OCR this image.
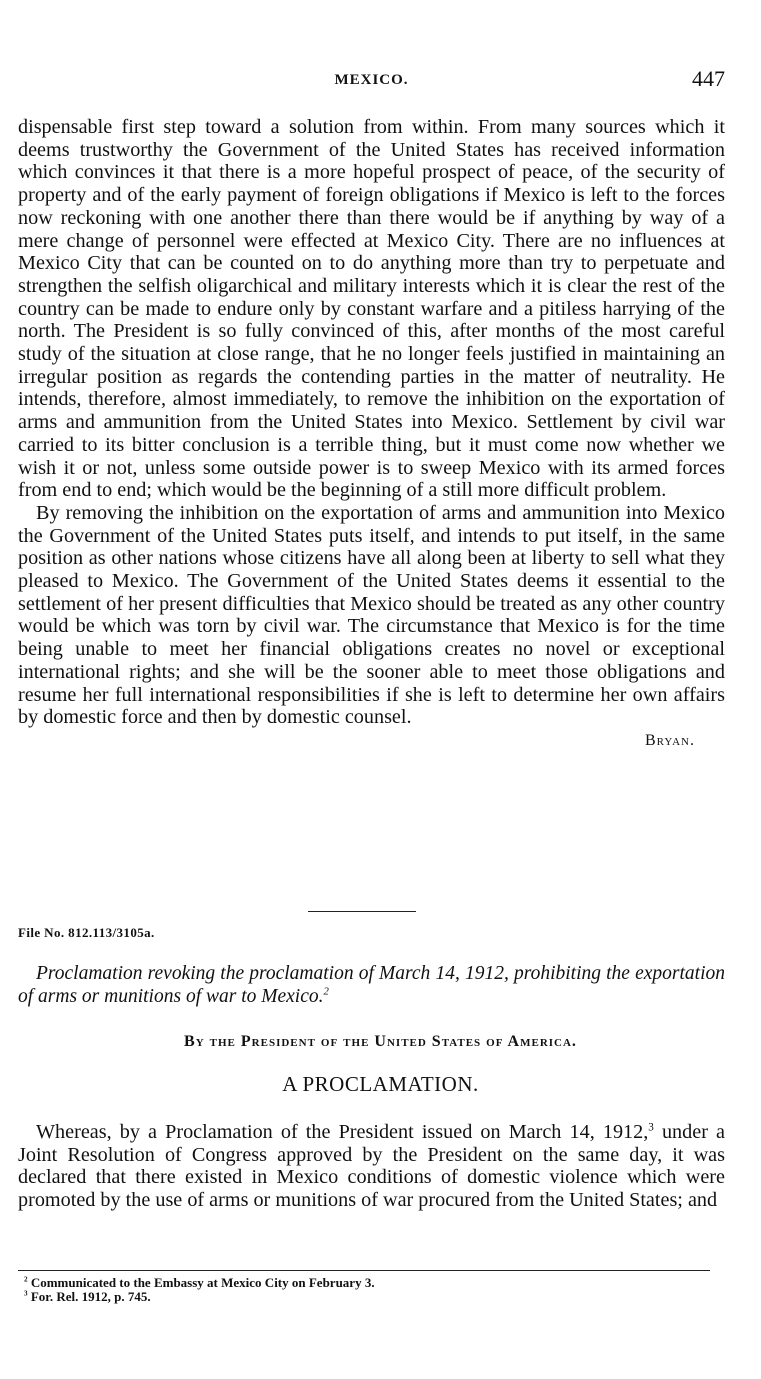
MEXICO.	447

dispensable first step toward a solution from within. From many sources which it deems trustworthy the Government of the United States has received information which convinces it that there is a more hopeful prospect of peace, of the security of property and of the early payment of foreign obligations if Mexico is left to the forces now reckoning with one another there than there would be if anything by way of a mere change of personnel were effected at Mexico City. There are no influences at Mexico City that can be counted on to do anything more than try to perpetuate and strengthen the selfish oligarchical and military interests which it is clear the rest of the country can be made to endure only by constant warfare and a pitiless harrying of the north. The President is so fully convinced of this, after months of the most careful study of the situation at close range, that he no longer feels justified in maintaining an irregular position as regards the contending parties in the matter of neutrality. He intends, therefore, almost immediately, to remove the inhibition on the exportation of arms and ammunition from the United States into Mexico. Settlement by civil war carried to its bitter conclusion is a terrible thing, but it must come now whether we wish it or not, unless some outside power is to sweep Mexico with its armed forces from end to end; which would be the beginning of a still more difficult problem.

By removing the inhibition on the exportation of arms and ammunition into Mexico the Government of the United States puts itself, and intends to put itself, in the same position as other nations whose citizens have all along been at liberty to sell what they pleased to Mexico. The Government of the United States deems it essential to the settlement of her present difficulties that Mexico should be treated as any other country would be which was torn by civil war. The circumstance that Mexico is for the time being unable to meet her financial obligations creates no novel or exceptional international rights; and she will be the sooner able to meet those obligations and resume her full international responsibilities if she is left to determine her own affairs by domestic force and then by domestic counsel.

Bryan.
File No. 812.113/3105a.
Proclamation revoking the proclamation of March 14, 1912, prohibiting the exportation of arms or munitions of war to Mexico.$^2$
By the President of the United States of America.
A PROCLAMATION.

Whereas, by a Proclamation of the President issued on March 14, 1912,$^3$ under a Joint Resolution of Congress approved by the President on the same day, it was declared that there existed in Mexico conditions of domestic violence which were promoted by the use of arms or munitions of war procured from the United States; and

$^2$ Communicated to the Embassy at Mexico City on February 3.
$^3$ For. Rel. 1912, p. 745.
